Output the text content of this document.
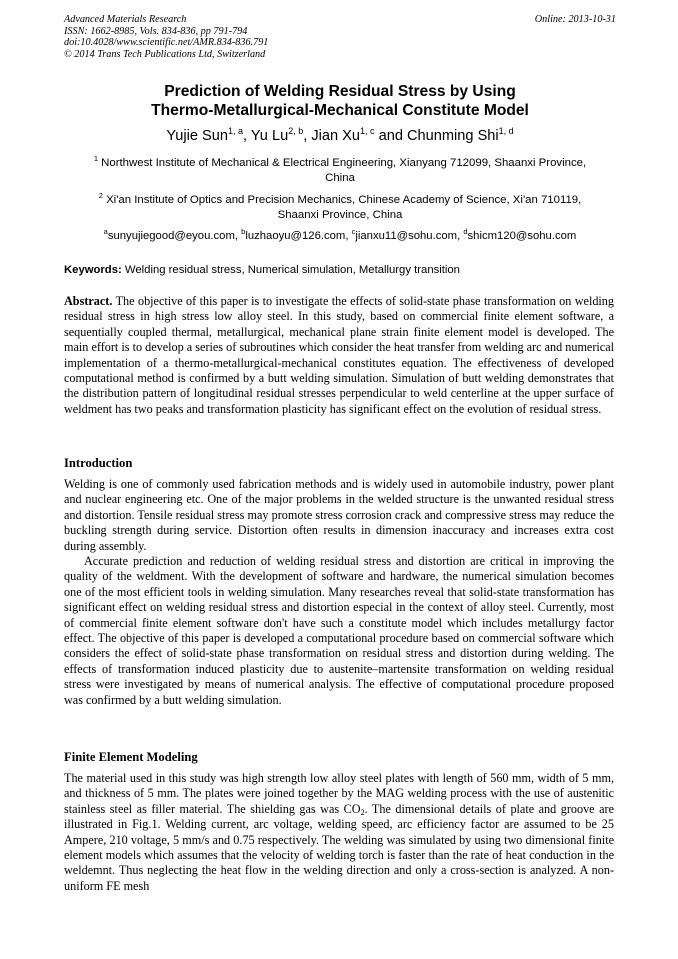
Advanced Materials Research
ISSN: 1662-8985, Vols. 834-836, pp 791-794
doi:10.4028/www.scientific.net/AMR.834-836.791
© 2014 Trans Tech Publications Ltd, Switzerland
Online: 2013-10-31
Prediction of Welding Residual Stress by Using
Thermo-Metallurgical-Mechanical Constitute Model
Yujie Sun$^{1, a}$, Yu Lu$^{2, b}$, Jian Xu$^{1, c}$ and Chunming Shi$^{1, d}$
$^1$ Northwest Institute of Mechanical & Electrical Engineering, Xianyang 712099, Shaanxi Province,
China
$^2$ Xi'an Institute of Optics and Precision Mechanics, Chinese Academy of Science, Xi'an 710119,
Shaanxi Province, China
$^a$sunyujiegood@eyou.com, $^b$luzhaoyu@126.com, $^c$jianxu11@sohu.com, $^d$shicm120@sohu.com
Keywords: Welding residual stress, Numerical simulation, Metallurgy transition

Abstract. The objective of this paper is to investigate the effects of solid-state phase transformation on welding residual stress in high stress low alloy steel. In this study, based on commercial finite element software, a sequentially coupled thermal, metallurgical, mechanical plane strain finite element model is developed. The main effort is to develop a series of subroutines which consider the heat transfer from welding arc and numerical implementation of a thermo-metallurgical-mechanical constitutes equation. The effectiveness of developed computational method is confirmed by a butt welding simulation. Simulation of butt welding demonstrates that the distribution pattern of longitudinal residual stresses perpendicular to weld centerline at the upper surface of weldment has two peaks and transformation plasticity has significant effect on the evolution of residual stress.

Introduction

Welding is one of commonly used fabrication methods and is widely used in automobile industry, power plant and nuclear engineering etc. One of the major problems in the welded structure is the unwanted residual stress and distortion. Tensile residual stress may promote stress corrosion crack and compressive stress may reduce the buckling strength during service. Distortion often results in dimension inaccuracy and increases extra cost during assembly.

Accurate prediction and reduction of welding residual stress and distortion are critical in improving the quality of the weldment. With the development of software and hardware, the numerical simulation becomes one of the most efficient tools in welding simulation. Many researches reveal that solid-state transformation has significant effect on welding residual stress and distortion especial in the context of alloy steel. Currently, most of commercial finite element software don't have such a constitute model which includes metallurgy factor effect. The objective of this paper is developed a computational procedure based on commercial software which considers the effect of solid-state phase transformation on residual stress and distortion during welding. The effects of transformation induced plasticity due to austenite–martensite transformation on welding residual stress were investigated by means of numerical analysis. The effective of computational procedure proposed was confirmed by a butt welding simulation.

Finite Element Modeling

The material used in this study was high strength low alloy steel plates with length of 560 mm, width of 5 mm, and thickness of 5 mm. The plates were joined together by the MAG welding process with the use of austenitic stainless steel as filler material. The shielding gas was $CO_2$. The dimensional details of plate and groove are illustrated in Fig.1. Welding current, arc voltage, welding speed, arc efficiency factor are assumed to be 25 Ampere, 210 voltage, 5 mm/s and 0.75 respectively. The welding was simulated by using two dimensional finite element models which assumes that the velocity of welding torch is faster than the rate of heat conduction in the weldemnt. Thus neglecting the heat flow in the welding direction and only a cross-section is analyzed. A non-uniform FE mesh
